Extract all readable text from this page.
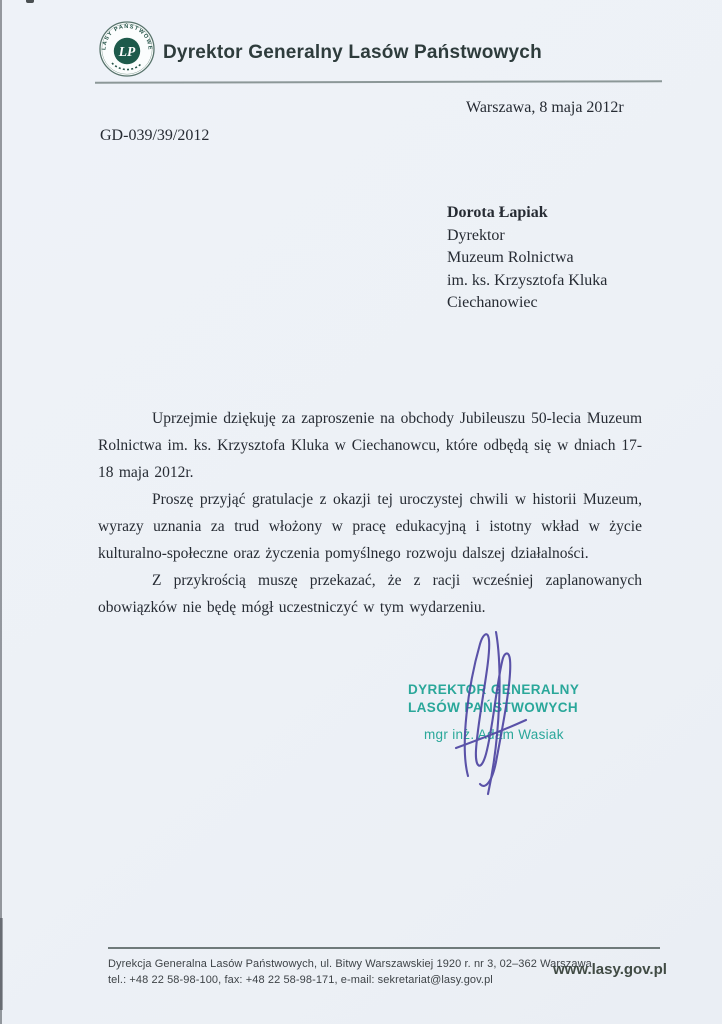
LASY PAŃSTWOWE
LP Dyrektor Generalny Lasów Państwowych
Warszawa, 8 maja 2012r
GD-039/39/2012
Dorota Łapiak
Dyrektor
Muzeum Rolnictwa
im. ks. Krzysztofa Kluka
Ciechanowiec

Uprzejmie dziękuję za zaproszenie na obchody Jubileuszu 50-lecia Muzeum Rolnictwa im. ks. Krzysztofa Kluka w Ciechanowcu, które odbędą się w dniach 17-18 maja 2012r.

Proszę przyjąć gratulacje z okazji tej uroczystej chwili w historii Muzeum, wyrazy uznania za trud włożony w pracę edukacyjną i istotny wkład w życie kulturalno-społeczne oraz życzenia pomyślnego rozwoju dalszej działalności.

Z przykrością muszę przekazać, że z racji wcześniej zaplanowanych obowiązków nie będę mógł uczestniczyć w tym wydarzeniu.

DYREKTOR GENERALNY
LASÓW PAŃSTWOWYCH
mgr inż. Adam Wasiak
Dyrekcja Generalna Lasów Państwowych, ul. Bitwy Warszawskiej 1920 r. nr 3, 02–362 Warszawa
tel.: +48 22 58-98-100, fax: +48 22 58-98-171, e-mail: sekretariat@lasy.gov.pl
www.lasy.gov.pl
